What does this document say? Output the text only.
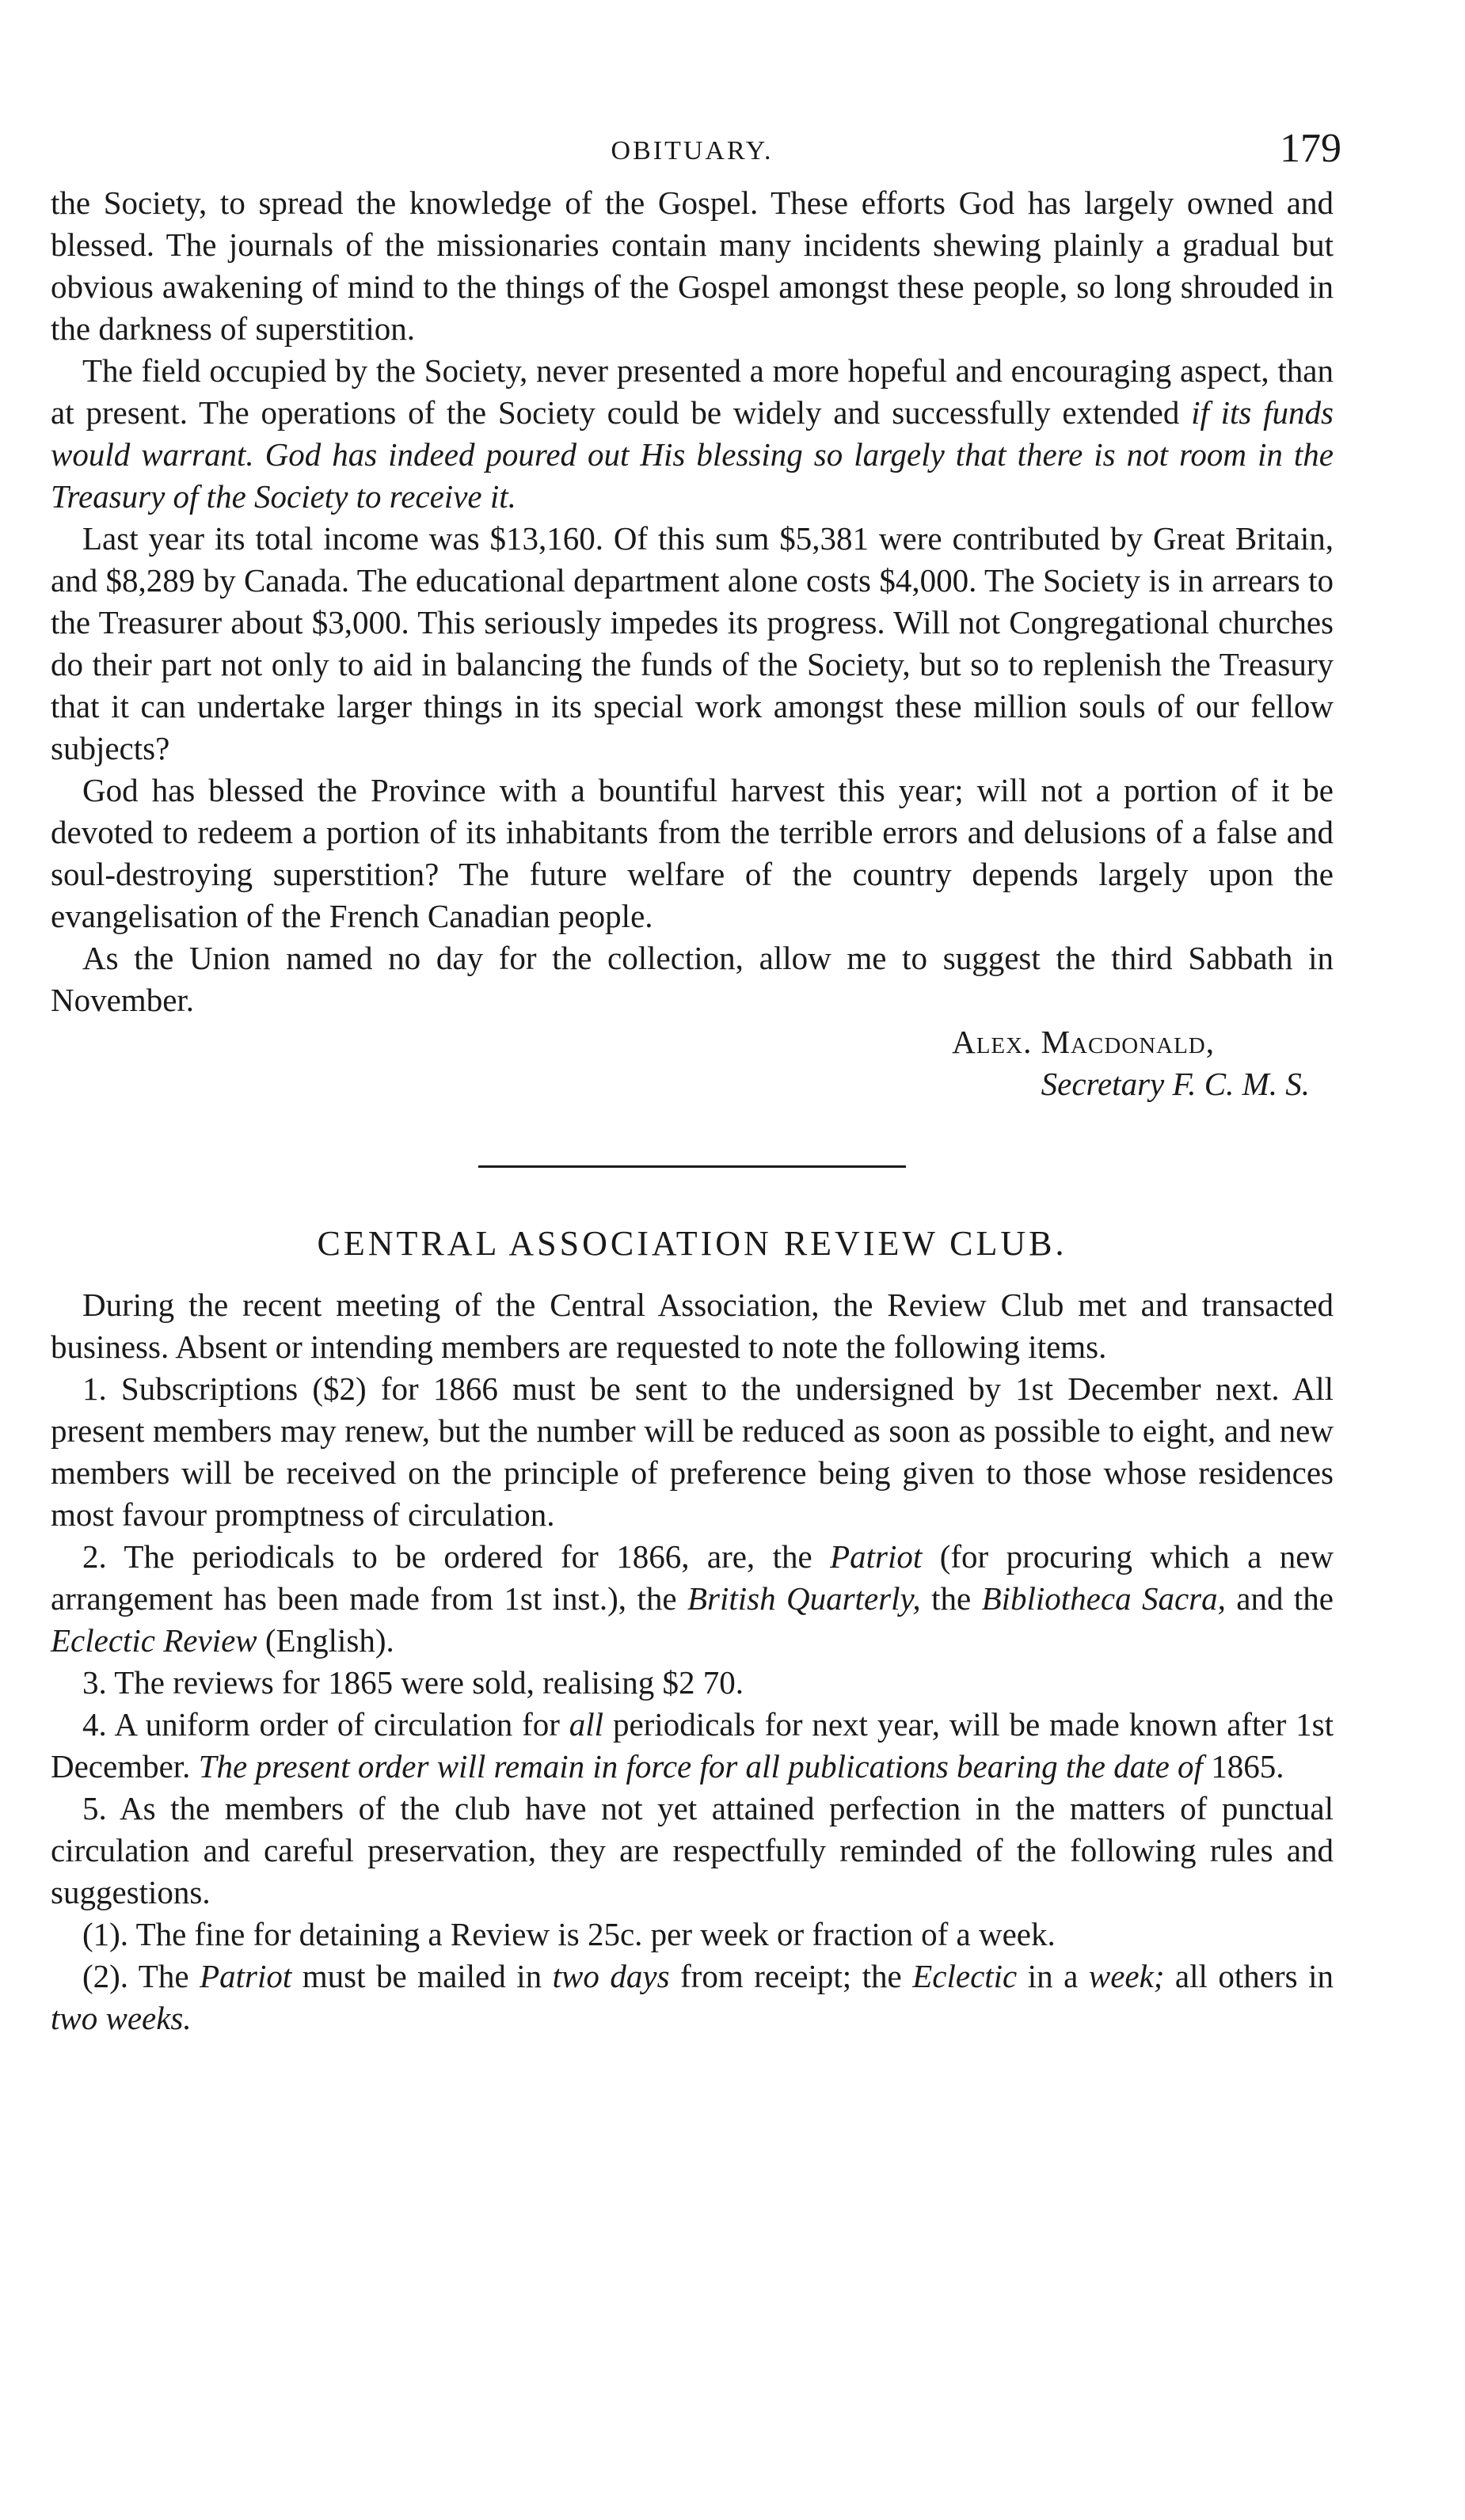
OBITUARY.	179

the Society, to spread the knowledge of the Gospel. These efforts God has largely owned and blessed. The journals of the missionaries contain many incidents shewing plainly a gradual but obvious awakening of mind to the things of the Gospel amongst these people, so long shrouded in the darkness of superstition.

The field occupied by the Society, never presented a more hopeful and encouraging aspect, than at present. The operations of the Society could be widely and successfully extended if its funds would warrant. God has indeed poured out His blessing so largely that there is not room in the Treasury of the Society to receive it.

Last year its total income was $13,160. Of this sum $5,381 were contributed by Great Britain, and $8,289 by Canada. The educational department alone costs $4,000. The Society is in arrears to the Treasurer about $3,000. This seriously impedes its progress. Will not Congregational churches do their part not only to aid in balancing the funds of the Society, but so to replenish the Treasury that it can undertake larger things in its special work amongst these million souls of our fellow subjects?

God has blessed the Province with a bountiful harvest this year; will not a portion of it be devoted to redeem a portion of its inhabitants from the terrible errors and delusions of a false and soul-destroying superstition? The future welfare of the country depends largely upon the evangelisation of the French Canadian people.

As the Union named no day for the collection, allow me to suggest the third Sabbath in November.

Alex. Macdonald,
Secretary F. C. M. S.
CENTRAL ASSOCIATION REVIEW CLUB.

During the recent meeting of the Central Association, the Review Club met and transacted business. Absent or intending members are requested to note the following items.

1. Subscriptions ($2) for 1866 must be sent to the undersigned by 1st December next. All present members may renew, but the number will be reduced as soon as possible to eight, and new members will be received on the principle of preference being given to those whose residences most favour promptness of circulation.

2. The periodicals to be ordered for 1866, are, the Patriot (for procuring which a new arrangement has been made from 1st inst.), the British Quarterly, the Bibliotheca Sacra, and the Eclectic Review (English).

3. The reviews for 1865 were sold, realising $2 70.

4. A uniform order of circulation for all periodicals for next year, will be made known after 1st December. The present order will remain in force for all publications bearing the date of 1865.

5. As the members of the club have not yet attained perfection in the matters of punctual circulation and careful preservation, they are respectfully reminded of the following rules and suggestions.

(1). The fine for detaining a Review is 25c. per week or fraction of a week.

(2). The Patriot must be mailed in two days from receipt; the Eclectic in a week; all others in two weeks.
